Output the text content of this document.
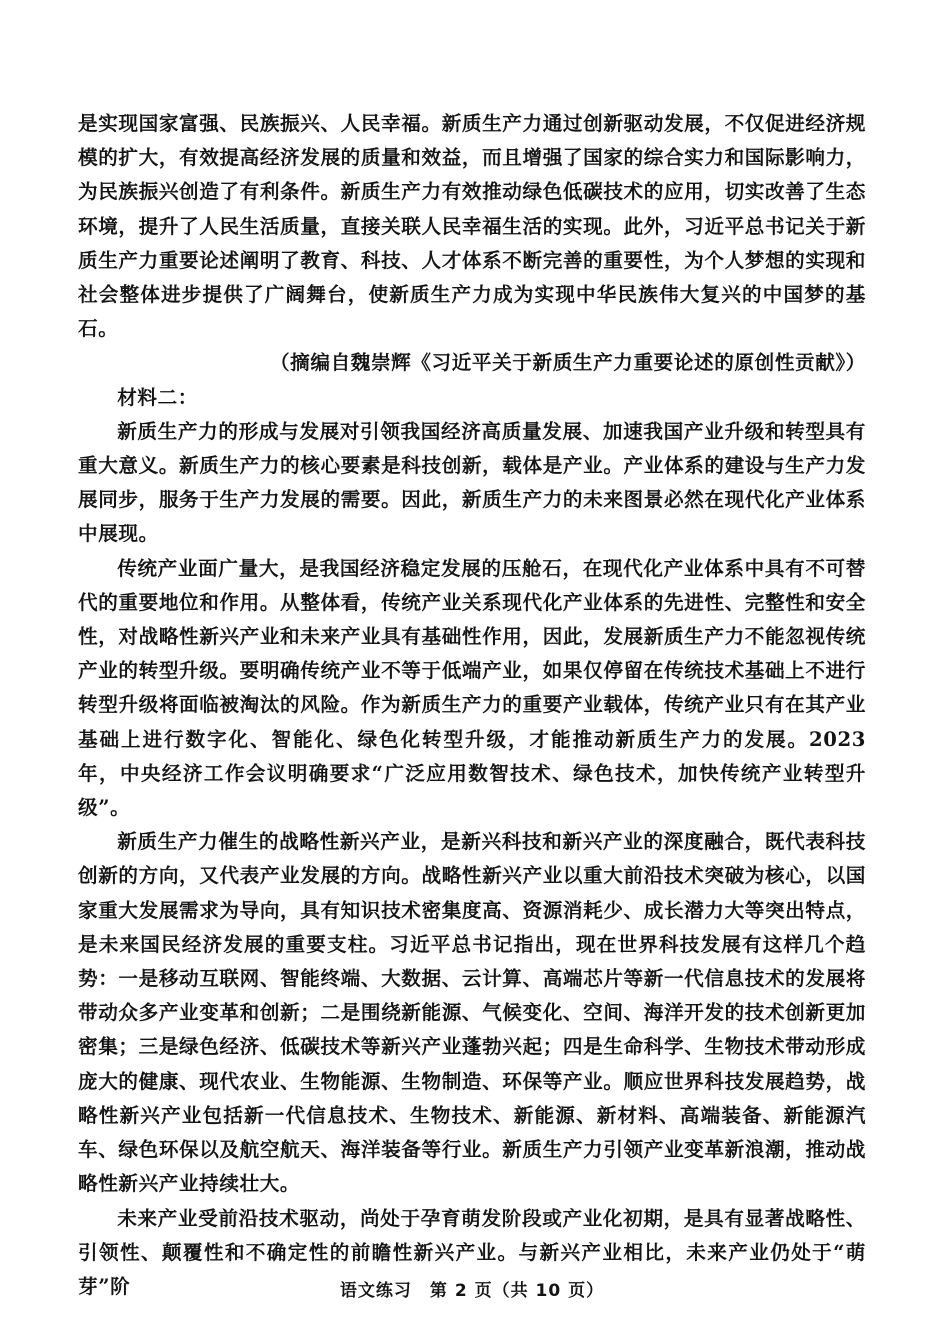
是实现国家富强、民族振兴、人民幸福。新质生产力通过创新驱动发展，不仅促进经济规模的扩大，有效提高经济发展的质量和效益，而且增强了国家的综合实力和国际影响力，为民族振兴创造了有利条件。新质生产力有效推动绿色低碳技术的应用，切实改善了生态环境，提升了人民生活质量，直接关联人民幸福生活的实现。此外，习近平总书记关于新质生产力重要论述阐明了教育、科技、人才体系不断完善的重要性，为个人梦想的实现和社会整体进步提供了广阔舞台，使新质生产力成为实现中华民族伟大复兴的中国梦的基石。

（摘编自魏崇辉《习近平关于新质生产力重要论述的原创性贡献》）

材料二：

新质生产力的形成与发展对引领我国经济高质量发展、加速我国产业升级和转型具有重大意义。新质生产力的核心要素是科技创新，载体是产业。产业体系的建设与生产力发展同步，服务于生产力发展的需要。因此，新质生产力的未来图景必然在现代化产业体系中展现。

传统产业面广量大，是我国经济稳定发展的压舱石，在现代化产业体系中具有不可替代的重要地位和作用。从整体看，传统产业关系现代化产业体系的先进性、完整性和安全性，对战略性新兴产业和未来产业具有基础性作用，因此，发展新质生产力不能忽视传统产业的转型升级。要明确传统产业不等于低端产业，如果仅停留在传统技术基础上不进行转型升级将面临被淘汰的风险。作为新质生产力的重要产业载体，传统产业只有在其产业基础上进行数字化、智能化、绿色化转型升级，才能推动新质生产力的发展。2023 年，中央经济工作会议明确要求“广泛应用数智技术、绿色技术，加快传统产业转型升级”。

新质生产力催生的战略性新兴产业，是新兴科技和新兴产业的深度融合，既代表科技创新的方向，又代表产业发展的方向。战略性新兴产业以重大前沿技术突破为核心，以国家重大发展需求为导向，具有知识技术密集度高、资源消耗少、成长潜力大等突出特点，是未来国民经济发展的重要支柱。习近平总书记指出，现在世界科技发展有这样几个趋势：一是移动互联网、智能终端、大数据、云计算、高端芯片等新一代信息技术的发展将带动众多产业变革和创新；二是围绕新能源、气候变化、空间、海洋开发的技术创新更加密集；三是绿色经济、低碳技术等新兴产业蓬勃兴起；四是生命科学、生物技术带动形成庞大的健康、现代农业、生物能源、生物制造、环保等产业。顺应世界科技发展趋势，战略性新兴产业包括新一代信息技术、生物技术、新能源、新材料、高端装备、新能源汽车、绿色环保以及航空航天、海洋装备等行业。新质生产力引领产业变革新浪潮，推动战略性新兴产业持续壮大。

未来产业受前沿技术驱动，尚处于孕育萌发阶段或产业化初期，是具有显著战略性、引领性、颠覆性和不确定性的前瞻性新兴产业。与新兴产业相比，未来产业仍处于“萌芽”阶	语文练习　第 2 页（共 10 页）
